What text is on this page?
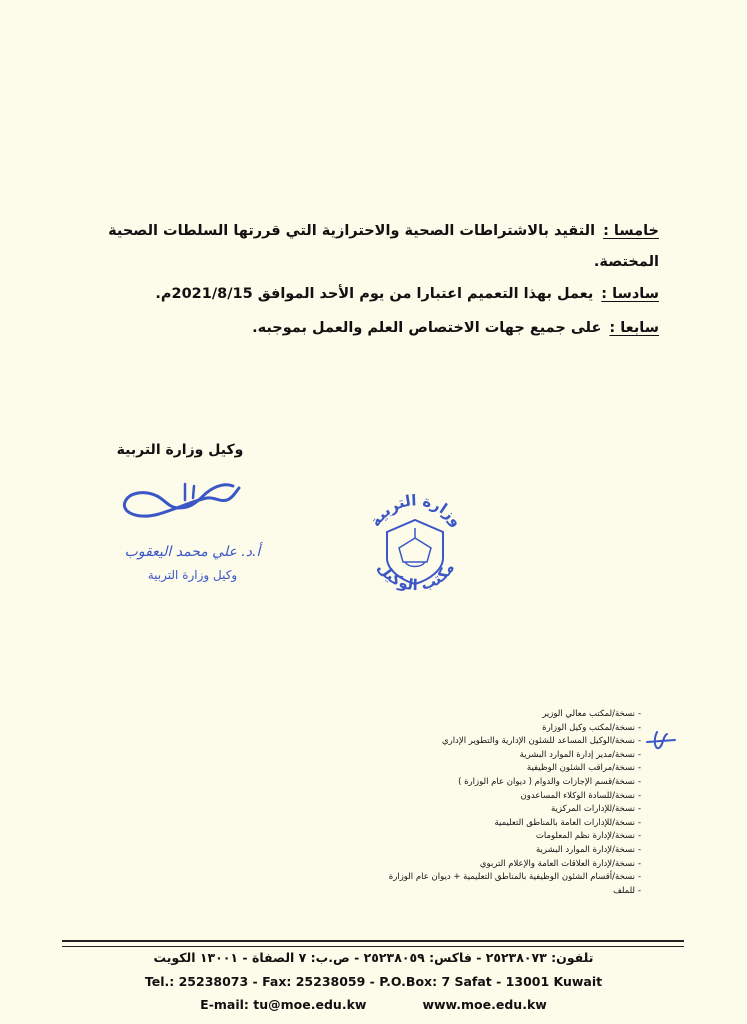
خامسا :التقيد بالاشتراطات الصحية والاحترازية التي قررتها السلطات الصحية
المختصة.
سادسا :يعمل بهذا التعميم اعتبارا من يوم الأحد الموافق 2021/8/15م.
سابعا :على جميع جهات الاختصاص العلم والعمل بموجبه.
وكيل وزارة التربية
أ.د. علي محمد اليعقوب
وكيل وزارة التربية
وزارة التربية
مكتب الوكيل
-
-
-
-
-
-
-
-
-
-
-
-
-
-
نسخة/لمكتب معالي الوزير
نسخة/لمكتب وكيل الوزارة
نسخة/الوكيل المساعد للشئون الإدارية والتطوير الإداري
نسخة/مدير إدارة الموارد البشرية
نسخة/مراقب الشئون الوظيفية
نسخة/قسم الإجازات والدوام ( ديوان عام الوزارة )
نسخة/للسادة الوكلاء المساعدون
نسخة/للإدارات المركزية
نسخة/للإدارات العامة بالمناطق التعليمية
نسخة/لإدارة نظم المعلومات
نسخة/لإدارة الموارد البشرية
نسخة/لإدارة العلاقات العامة والإعلام التربوي
نسخة/أقسام الشئون الوظيفية بالمناطق التعليمية + ديوان عام الوزارة
للملف
تلفون: ٢٥٢٣٨٠٧٣ - فاكس: ٢٥٢٣٨٠٥٩ - ص.ب: ٧ الصفاة - ١٣٠٠١ الكويت
Tel.: 25238073 - Fax: 25238059 - P.O.Box: 7 Safat - 13001 Kuwait
E-mail: tu@moe.edu.kw	www.moe.edu.kw
